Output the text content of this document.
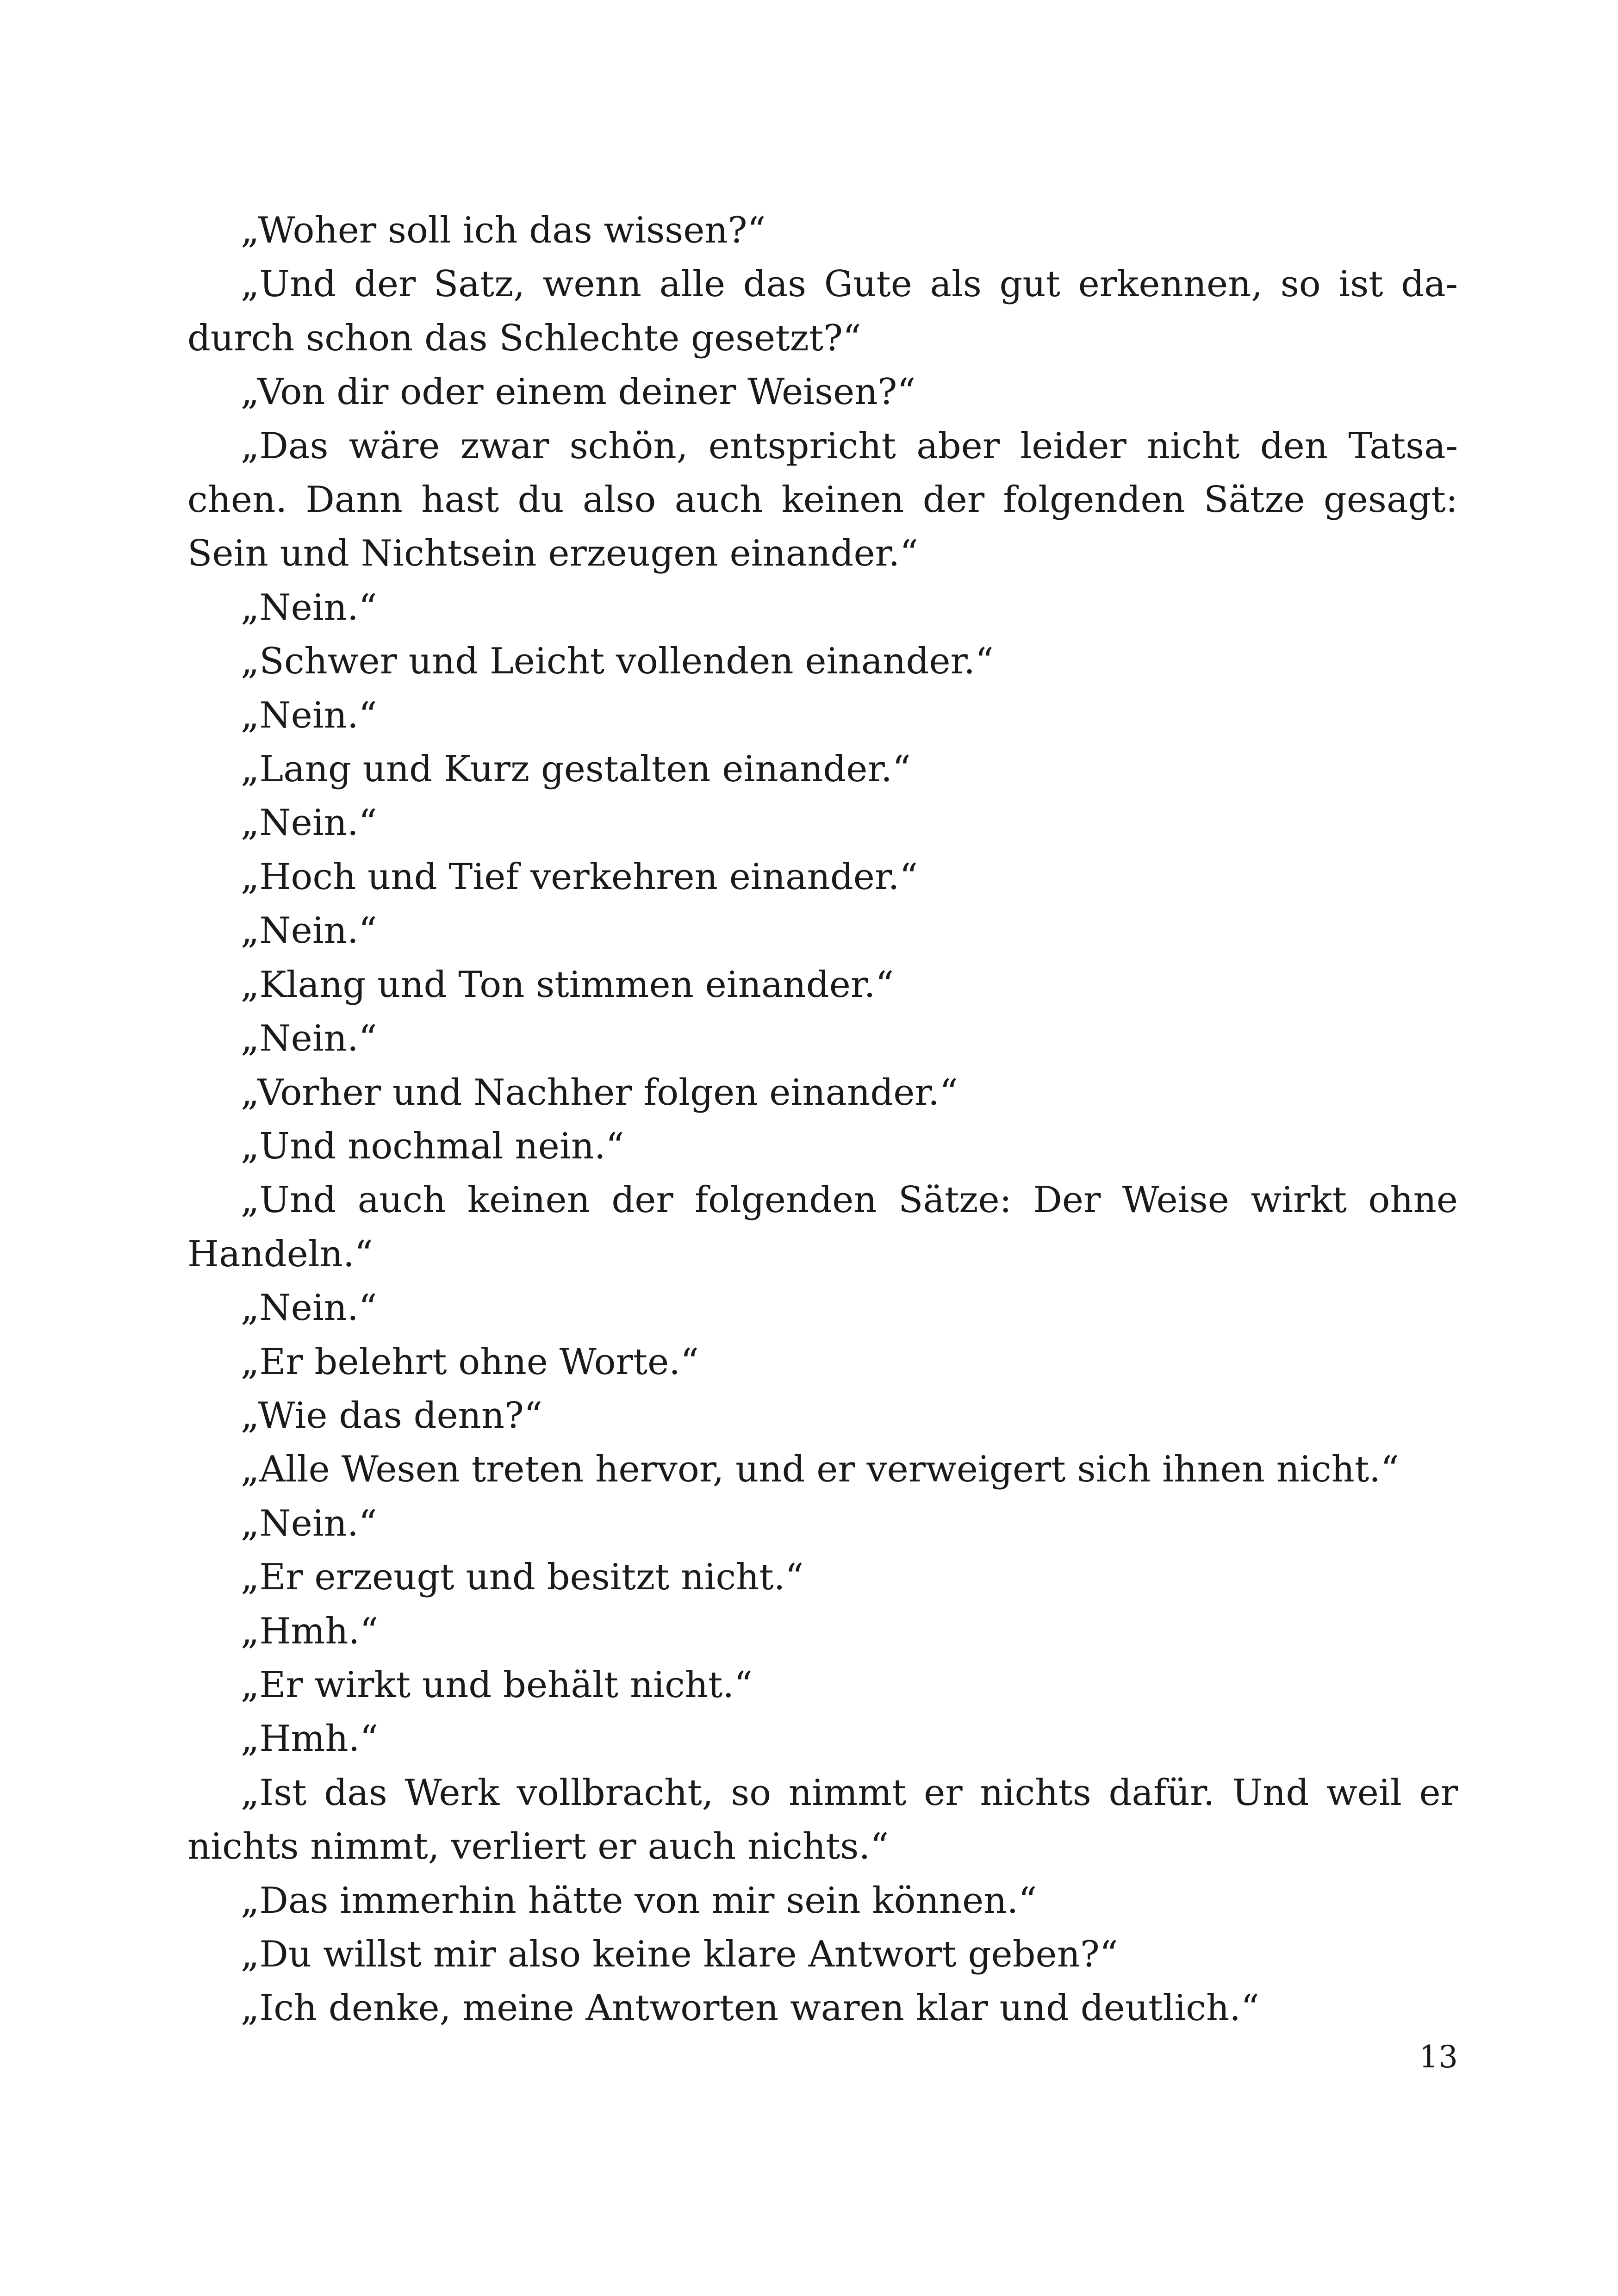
„Woher soll ich das wissen?“

„Und der Satz, wenn alle das Gute als gut erkennen, so ist dadurch schon das Schlechte gesetzt?“

„Von dir oder einem deiner Weisen?“

„Das wäre zwar schön, entspricht aber leider nicht den Tatsachen. Dann hast du also auch keinen der folgenden Sätze gesagt: Sein und Nichtsein erzeugen einander.“

„Nein.“

„Schwer und Leicht vollenden einander.“

„Nein.“

„Lang und Kurz gestalten einander.“

„Nein.“

„Hoch und Tief verkehren einander.“

„Nein.“

„Klang und Ton stimmen einander.“

„Nein.“

„Vorher und Nachher folgen einander.“

„Und nochmal nein.“

„Und auch keinen der folgenden Sätze: Der Weise wirkt ohne Handeln.“

„Nein.“

„Er belehrt ohne Worte.“

„Wie das denn?“

„Alle Wesen treten hervor, und er verweigert sich ihnen nicht.“

„Nein.“

„Er erzeugt und besitzt nicht.“

„Hmh.“

„Er wirkt und behält nicht.“

„Hmh.“

„Ist das Werk vollbracht, so nimmt er nichts dafür. Und weil er nichts nimmt, verliert er auch nichts.“

„Das immerhin hätte von mir sein können.“

„Du willst mir also keine klare Antwort geben?“

„Ich denke, meine Antworten waren klar und deutlich.“

13
